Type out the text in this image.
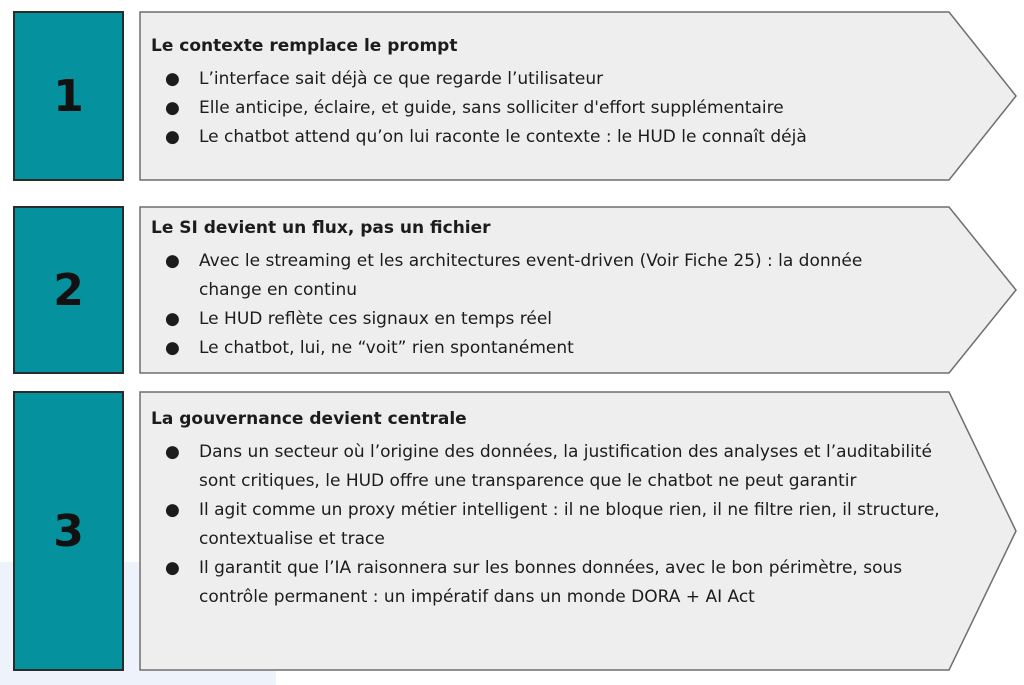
1
Le contexte remplace le prompt
● L’interface sait déjà ce que regarde l’utilisateur
● Elle anticipe, éclaire, et guide, sans solliciter d'effort supplémentaire
● Le chatbot attend qu’on lui raconte le contexte : le HUD le connaît déjà
2
Le SI devient un flux, pas un fichier
● Avec le streaming et les architectures event-driven (Voir Fiche 25) : la donnée change en continu
● Le HUD reflète ces signaux en temps réel
● Le chatbot, lui, ne “voit” rien spontanément
3
La gouvernance devient centrale
● Dans un secteur où l’origine des données, la justification des analyses et l’auditabilité sont critiques, le HUD offre une transparence que le chatbot ne peut garantir
● Il agit comme un proxy métier intelligent : il ne bloque rien, il ne filtre rien, il structure, contextualise et trace
● Il garantit que l’IA raisonnera sur les bonnes données, avec le bon périmètre, sous contrôle permanent : un impératif dans un monde DORA + AI Act
